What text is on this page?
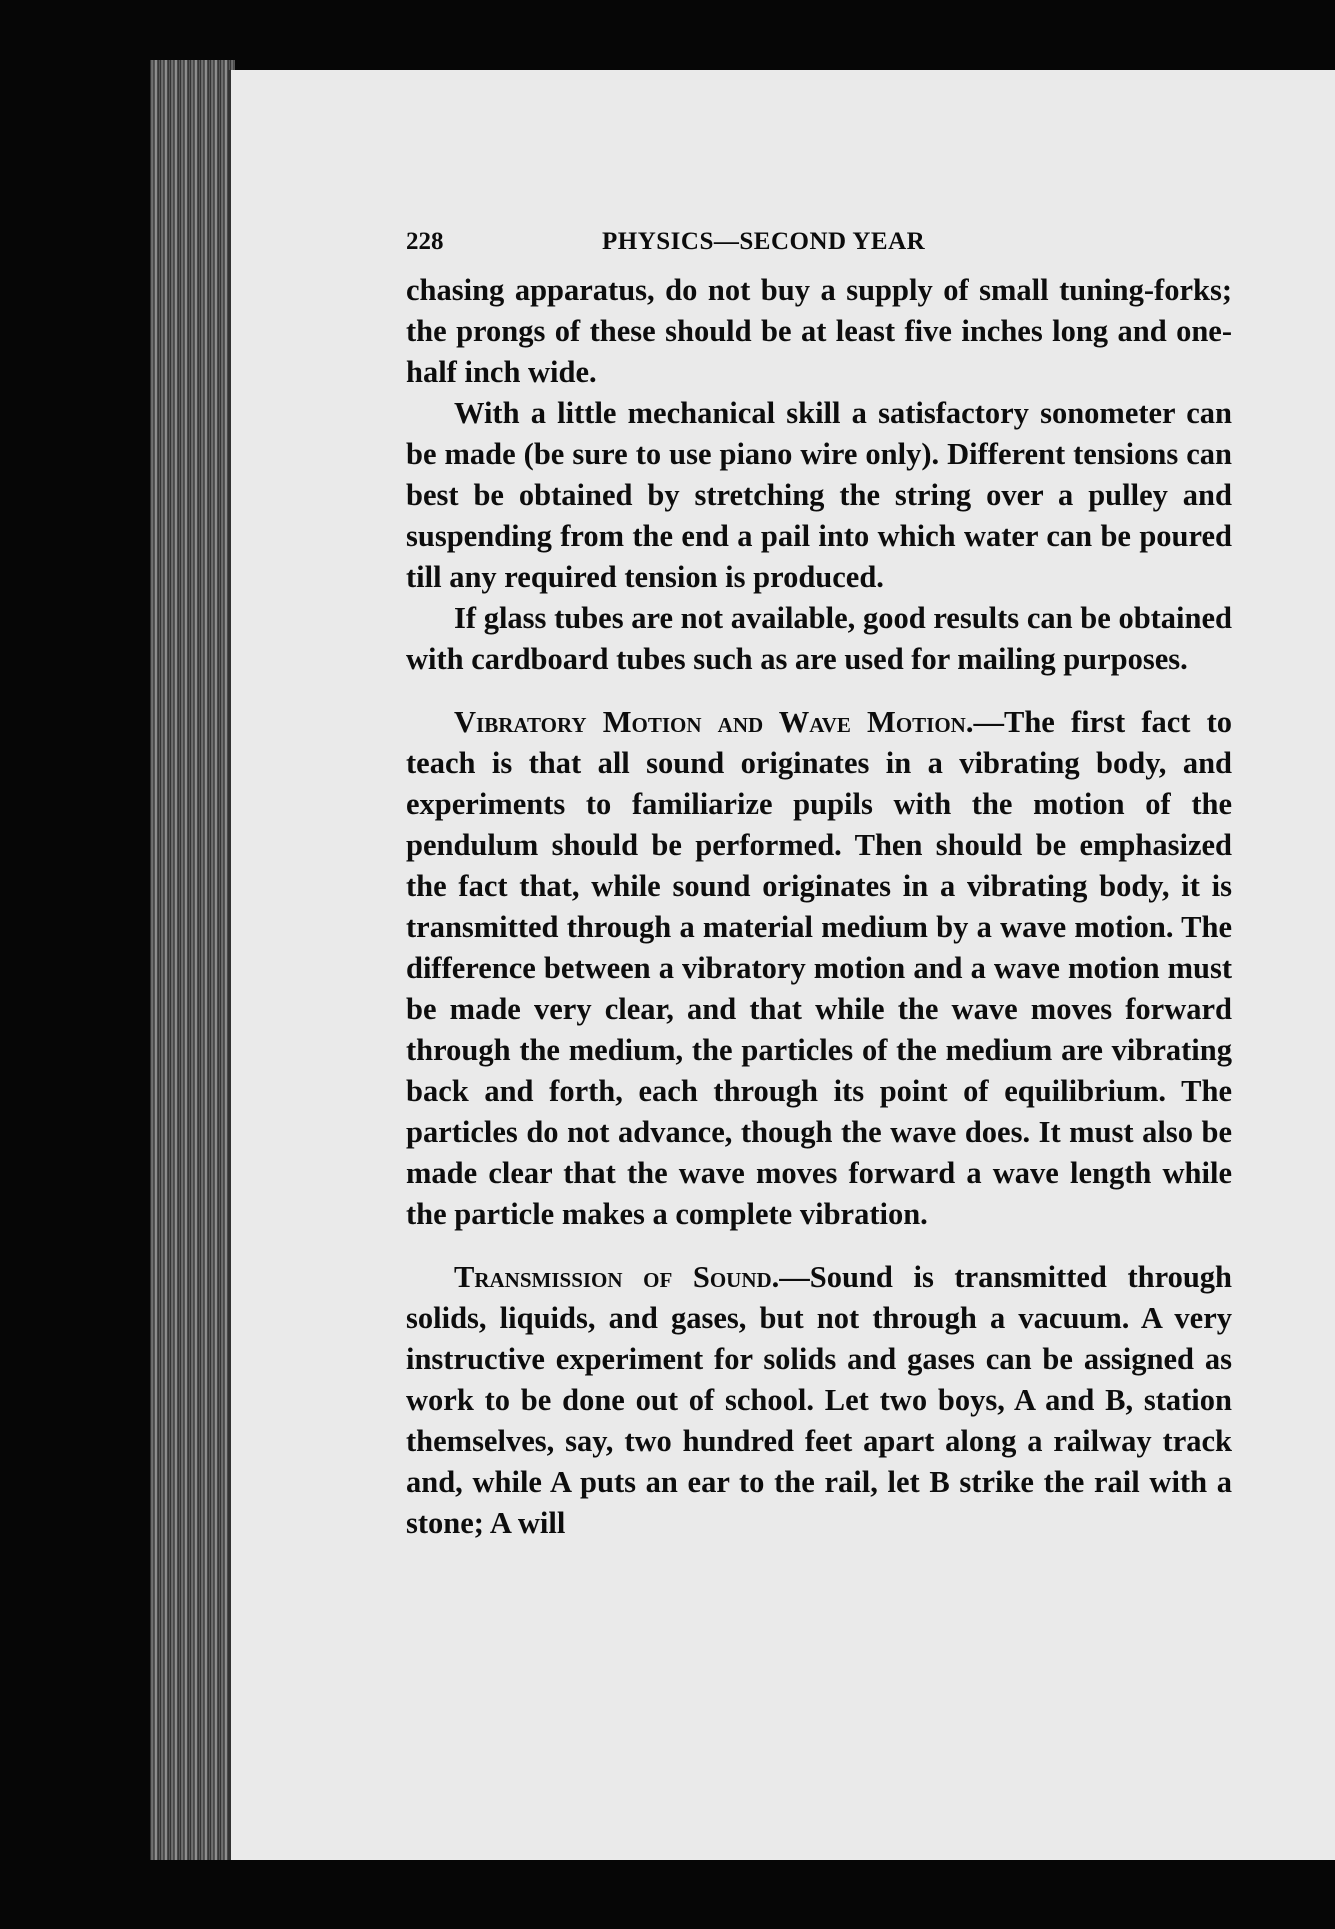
228	PHYSICS—SECOND YEAR

chasing apparatus, do not buy a supply of small tuning-forks; the prongs of these should be at least five inches long and one-half inch wide.

With a little mechanical skill a satisfactory sonometer can be made (be sure to use piano wire only). Different tensions can best be obtained by stretching the string over a pulley and suspending from the end a pail into which water can be poured till any required tension is produced.

If glass tubes are not available, good results can be obtained with cardboard tubes such as are used for mailing purposes.

Vibratory Motion and Wave Motion.—The first fact to teach is that all sound originates in a vibrating body, and experiments to familiarize pupils with the motion of the pendulum should be performed. Then should be emphasized the fact that, while sound originates in a vibrating body, it is transmitted through a material medium by a wave motion. The difference between a vibratory motion and a wave motion must be made very clear, and that while the wave moves forward through the medium, the particles of the medium are vibrating back and forth, each through its point of equilibrium. The particles do not advance, though the wave does. It must also be made clear that the wave moves forward a wave length while the particle makes a complete vibration.

Transmission of Sound.—Sound is transmitted through solids, liquids, and gases, but not through a vacuum. A very instructive experiment for solids and gases can be assigned as work to be done out of school. Let two boys, A and B, station themselves, say, two hundred feet apart along a railway track and, while A puts an ear to the rail, let B strike the rail with a stone; A will
